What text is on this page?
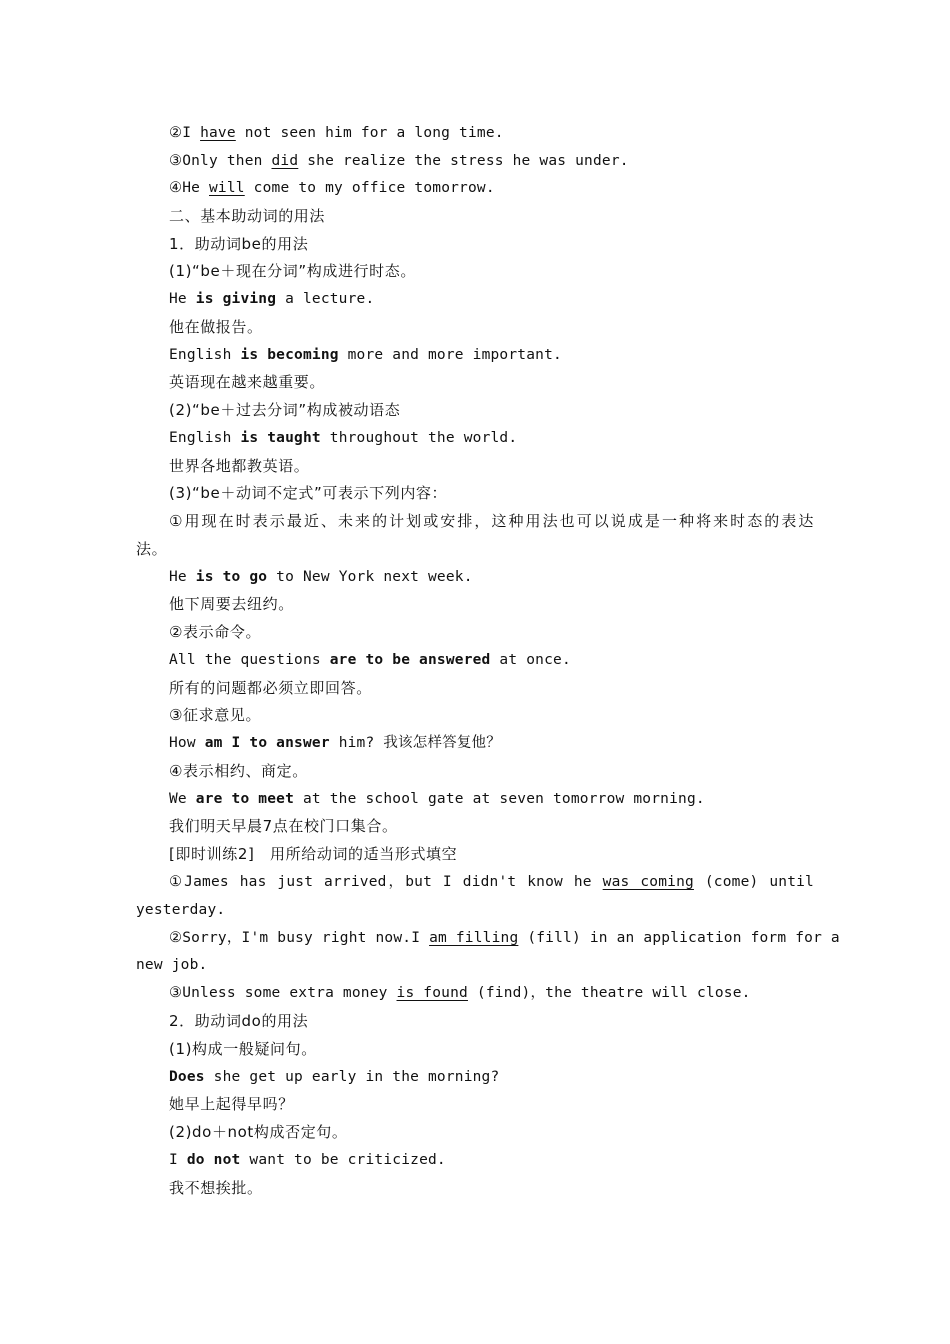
②I have not seen him for a long time.
③Only then did she realize the stress he was under.
④He will come to my office tomorrow.
二、基本助动词的用法
1．助动词be的用法
(1)“be＋现在分词”构成进行时态。
He is giving a lecture.
他在做报告。
English is becoming more and more important.
英语现在越来越重要。
(2)“be＋过去分词”构成被动语态
English is taught throughout the world.
世界各地都教英语。
(3)“be＋动词不定式”可表示下列内容：
①用现在时表示最近、未来的计划或安排，这种用法也可以说成是一种将来时态的表达
法。
He is to go to New York next week.
他下周要去纽约。
②表示命令。
All the questions are to be answered at once.
所有的问题都必须立即回答。
③征求意见。
How am I to answer him? 我该怎样答复他？
④表示相约、商定。
We are to meet at the school gate at seven tomorrow morning.
我们明天早晨7点在校门口集合。
[即时训练2]　用所给动词的适当形式填空
①James has just arrived，but I didn't know he was coming (come) until
yesterday.
②Sorry，I'm busy right now.I am filling (fill) in an application form for a
new job.
③Unless some extra money is found (find)，the theatre will close.
2．助动词do的用法
(1)构成一般疑问句。
Does she get up early in the morning?
她早上起得早吗？
(2)do＋not构成否定句。
I do not want to be criticized.
我不想挨批。
